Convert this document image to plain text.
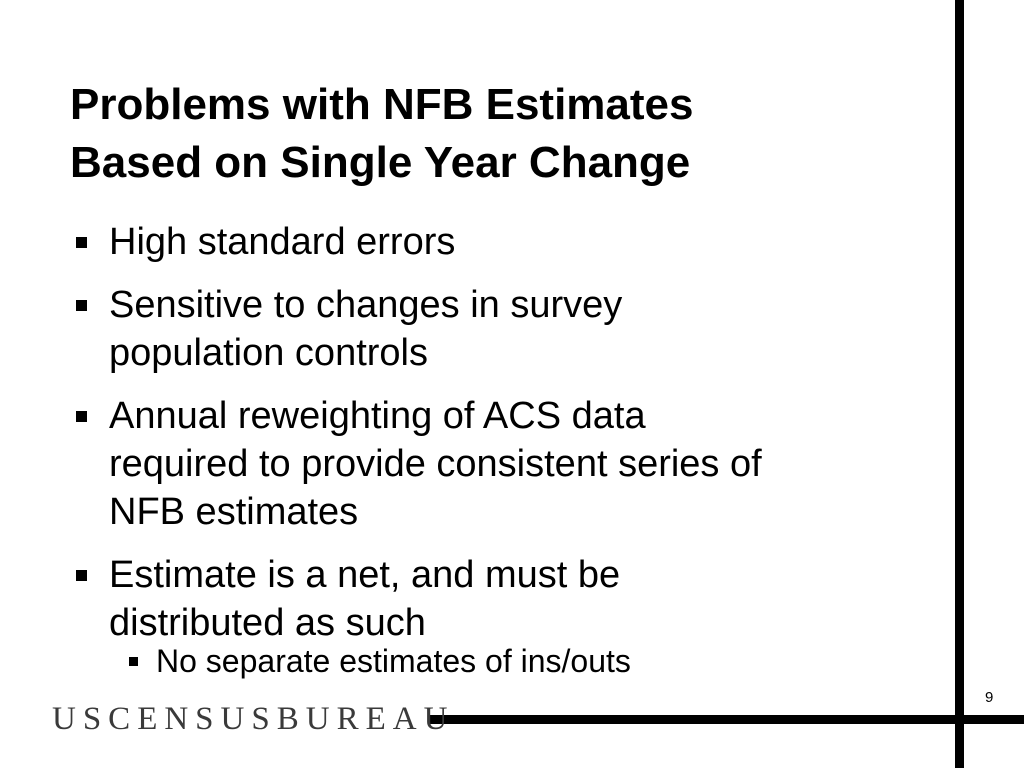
Problems with NFB Estimates
Based on Single Year Change
High standard errors
Sensitive to changes in survey
population controls
Annual reweighting of ACS data
required to provide consistent series of
NFB estimates
Estimate is a net, and must be
distributed as such
No separate estimates of ins/outs
USCENSUSBUREAU
9
